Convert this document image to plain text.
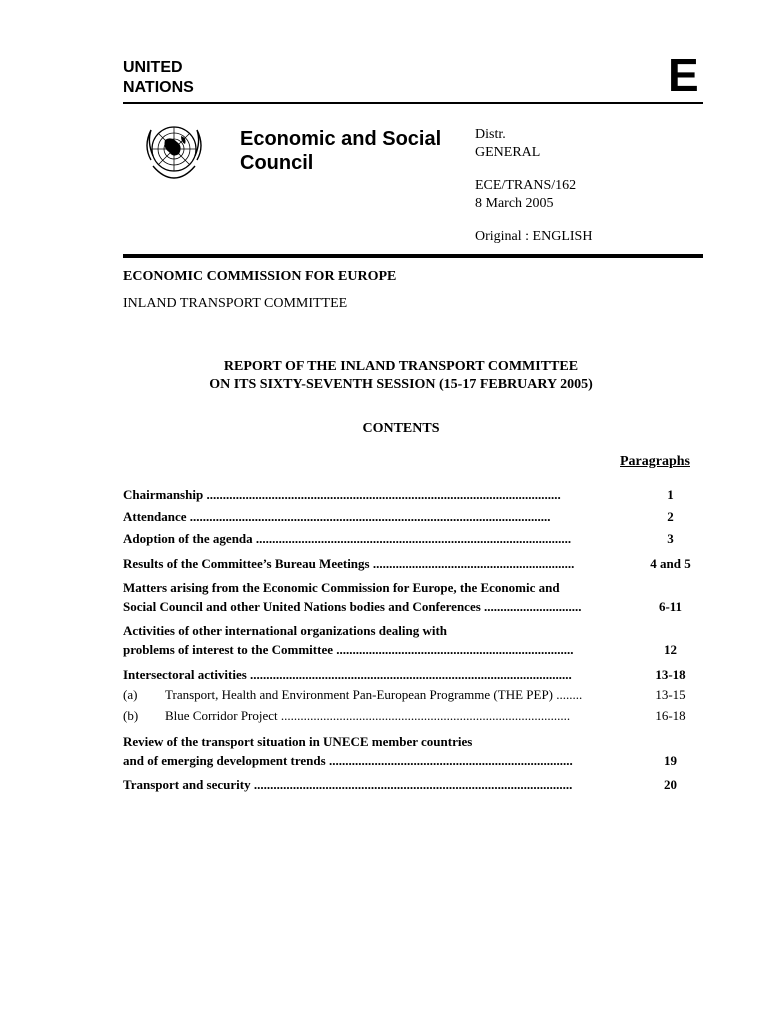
UNITED
NATIONS	E
Economic and Social
Council
Distr.
GENERAL
ECE/TRANS/162
8 March 2005
Original : ENGLISH
ECONOMIC COMMISSION FOR EUROPE
INLAND TRANSPORT COMMITTEE
REPORT OF THE INLAND TRANSPORT COMMITTEE
ON ITS SIXTY-SEVENTH SESSION (15-17 FEBRUARY 2005)
CONTENTS
Paragraphs
Chairmanship .............................................................................................................	1
Attendance ...............................................................................................................	2
Adoption of the agenda .................................................................................................	3
Results of the Committee’s Bureau Meetings ..............................................................	4 and 5
Matters arising from the Economic Commission for Europe, the Economic and
Social Council and other United Nations bodies and Conferences ..............................	6-11
Activities of other international organizations dealing with
problems of interest to the Committee .........................................................................	12
Intersectoral activities ...................................................................................................	13-18
(a) Transport, Health and Environment Pan-European Programme (THE PEP) ........	13-15
(b) Blue Corridor Project .........................................................................................	16-18
Review of the transport situation in UNECE member countries
and of emerging development trends ...........................................................................	19
Transport and security ..................................................................................................	20
